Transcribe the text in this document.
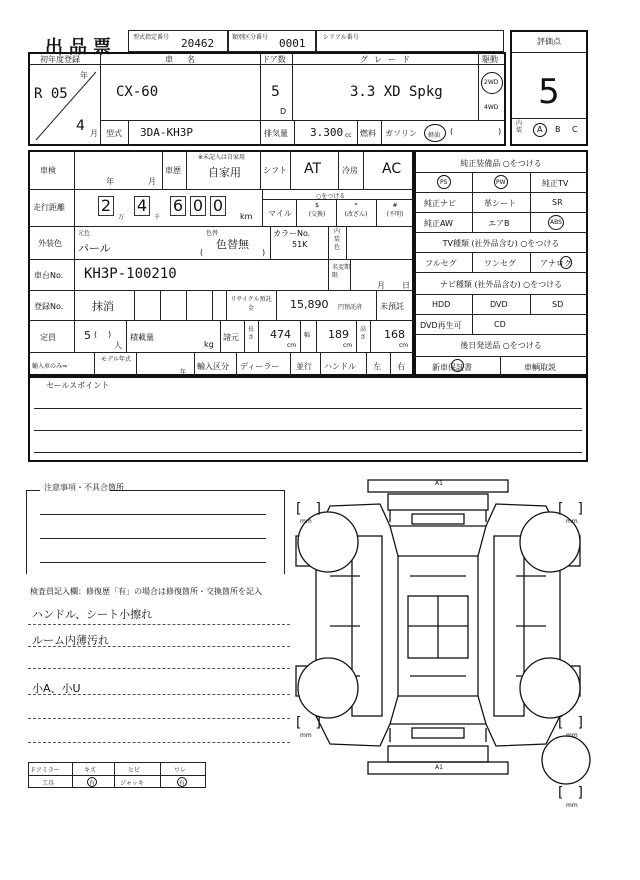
出品票	型式指定番号 20462	類別区分番号 0001	シリアル番号	評価点
5
内装 A B C
初年度登録
年
R 05
4 月
車名
CX-60
ドア数
5
D
グレード
3.3 XD Spkg
駆動
2WD
4WD
型式 3DA-KH3P	排気量 3.300 cc 燃料 ガソリン 軽油 (	)
車検
年	月
車歴
※未記入は自家用
自家用	シフト AT	冷房 AC
走行距離 2
万
4
千
6 0 0
km
○をつける
マイル
$
(交換)
*
(改ざん)
#
(不明)
外装色
元色
パール
色替
色替無
(	)
カラーNo.
51K
内装色
車台No. KH3P-100210	名変期限
月 日
登録No.	抹消
リサイクル預託金	15,890 円預託済 未預託
定員	5 ( )
人
積載量
kg
諸元
長さ 474
cm
幅 189
cm
高さ 168
cm
輸入車のみ⇒
モデル年式
年
輸入区分 ディーラー 並行 ハンドル 左 右
純正装備品 ○をつける
PS	PW	純正TV
純正ナビ	革シート	SR
純正AW	エアB	ABS
TV種類 (社外品含む) ○をつける
フルセグ	ワンセグ	アナログ
ナビ種類 (社外品含む) ○をつける
HDD	DVD	SD
DVD再生可	CD
後日発送品 ○をつける
新車保証書	車輌取説
セールスポイント
注意事項・不具合箇所
検査員記入欄：修復歴「有」の場合は修復箇所・交換箇所を記入
ハンドル、シート小擦れ
ルーム内薄汚れ
小A、小U
ドアミラー	キズ	ヒビ	ワレ
工具	有	ジャッキ	有
A1
A1
[　]
mm
[　]
mm
[　]
mm
[　]
mm
[　]
mm
